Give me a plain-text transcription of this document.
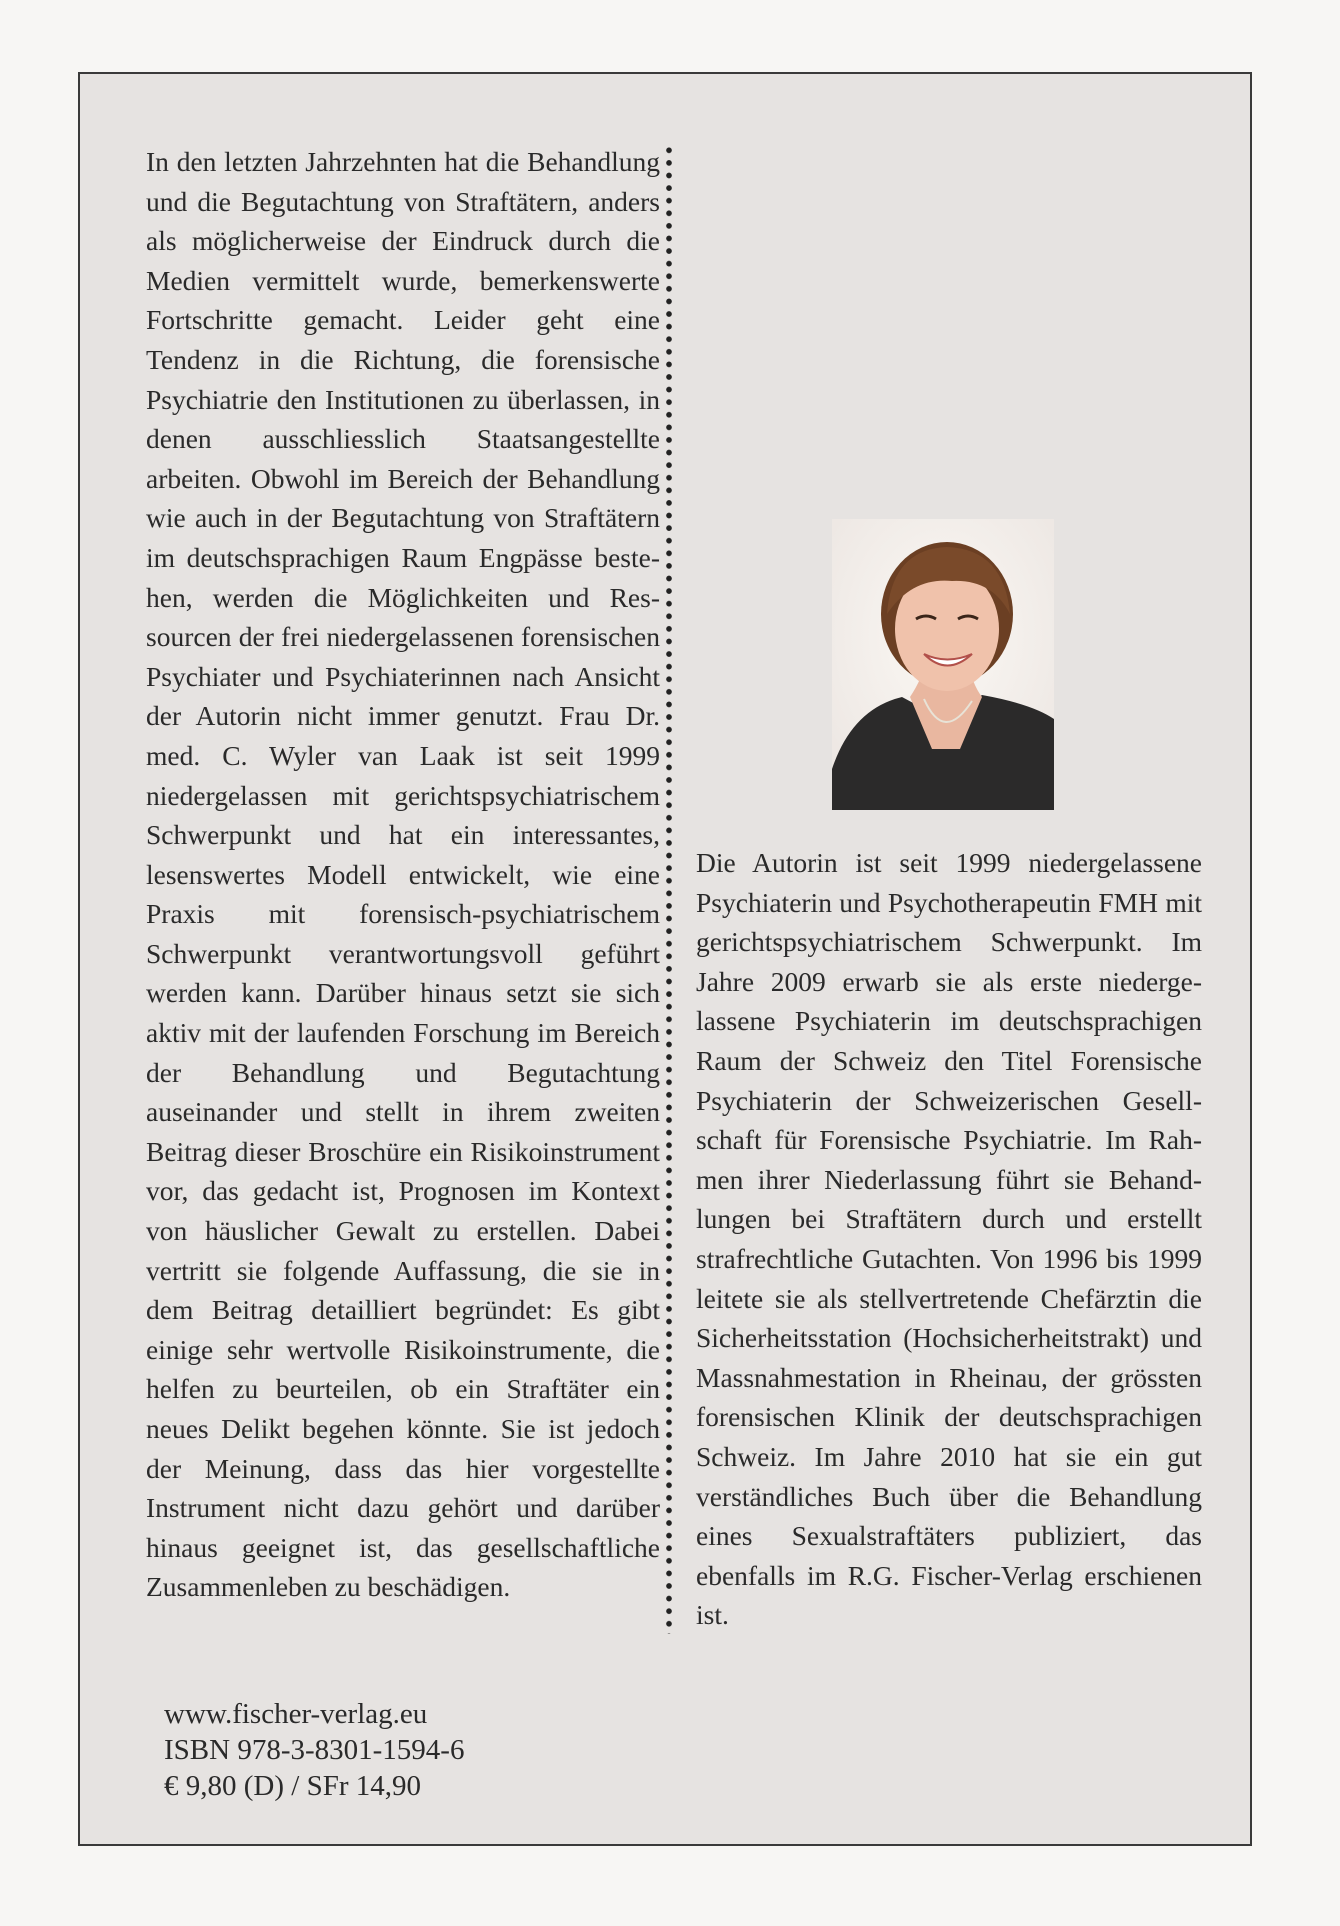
In den letzten Jahrzehnten hat die Behandlung und die Begutachtung von Straftätern, anders als möglicherweise der Eindruck durch die Medien vermittelt wurde, bemerkenswerte Fortschritte gemacht. Leider geht eine Tendenz in die Richtung, die forensische Psychiatrie den Institutionen zu überlassen, in denen ausschliesslich Staatsangestellte arbeiten. Obwohl im Bereich der Behandlung wie auch in der Begutachtung von Straftätern im deutschsprachigen Raum Engpässe bestehen, werden die Möglichkeiten und Ressourcen der frei niedergelassenen forensischen Psychiater und Psychiaterinnen nach Ansicht der Autorin nicht immer genutzt. Frau Dr. med. C. Wyler van Laak ist seit 1999 niedergelassen mit gerichtspsychiatrischem Schwerpunkt und hat ein interessantes, lesenswertes Modell entwickelt, wie eine Praxis mit forensisch-psychiatrischem Schwerpunkt verantwortungsvoll geführt werden kann. Darüber hinaus setzt sie sich aktiv mit der laufenden Forschung im Bereich der Behandlung und Begutachtung auseinander und stellt in ihrem zweiten Beitrag dieser Broschüre ein Risikoinstrument vor, das gedacht ist, Prognosen im Kontext von häuslicher Gewalt zu erstellen. Dabei vertritt sie folgende Auffassung, die sie in dem Beitrag detailliert begründet: Es gibt einige sehr wertvolle Risikoinstrumente, die helfen zu beurteilen, ob ein Straftäter ein neues Delikt begehen könnte. Sie ist jedoch der Meinung, dass das hier vorgestellte Instrument nicht dazu gehört und darüber hinaus geeignet ist, das gesellschaftliche Zusammenleben zu beschädigen.
Die Autorin ist seit 1999 niedergelassene Psychiaterin und Psychotherapeutin FMH mit gerichtspsychiatrischem Schwerpunkt. Im Jahre 2009 erwarb sie als erste niedergelassene Psychiaterin im deutschsprachigen Raum der Schweiz den Titel Forensische Psychiaterin der Schweizerischen Gesellschaft für Forensische Psychiatrie. Im Rahmen ihrer Niederlassung führt sie Behandlungen bei Straftätern durch und erstellt strafrechtliche Gutachten. Von 1996 bis 1999 leitete sie als stellvertretende Chefärztin die Sicherheitsstation (Hochsicherheitstrakt) und Massnahmestation in Rheinau, der grössten forensischen Klinik der deutschsprachigen Schweiz. Im Jahre 2010 hat sie ein gut verständliches Buch über die Behandlung eines Sexualstraftäters publiziert, das ebenfalls im R.G. Fischer-Verlag erschienen ist.
www.fischer-verlag.eu
ISBN 978-3-8301-1594-6
€ 9,80 (D) / SFr 14,90
